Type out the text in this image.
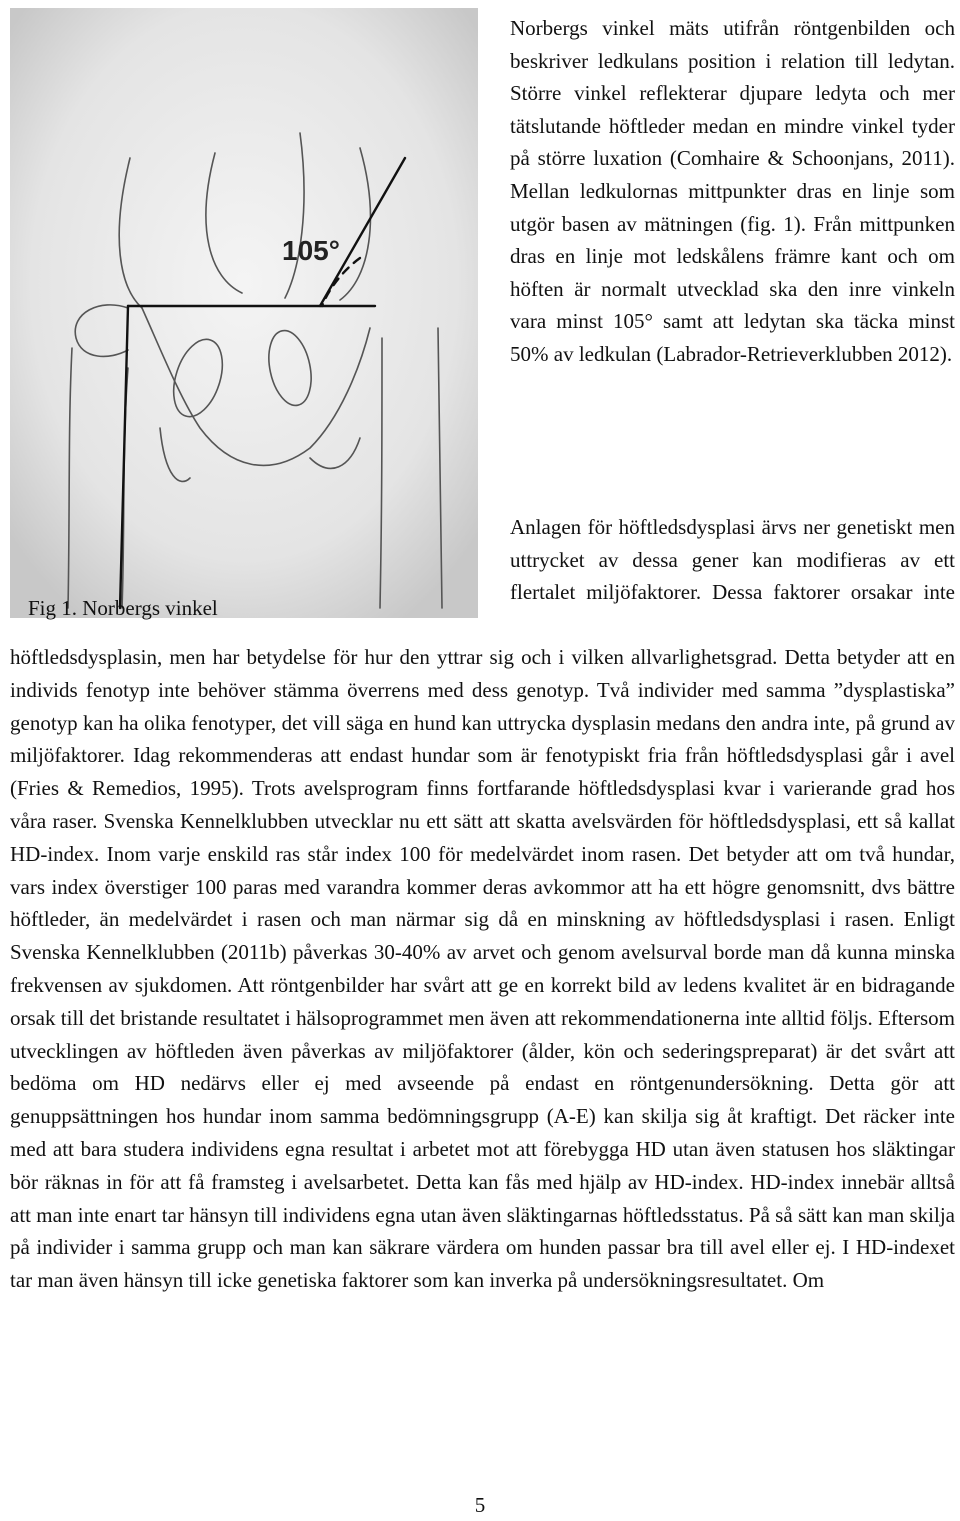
105°
Fig 1. Norbergs vinkel

Norbergs vinkel mäts utifrån röntgenbilden och beskriver ledkulans position i relation till ledytan. Större vinkel reflekterar djupare ledyta och mer tätslutande höftleder medan en mindre vinkel tyder på större luxation (Comhaire & Schoonjans, 2011). Mellan ledkulornas mittpunkter dras en linje som utgör basen av mätningen (fig. 1). Från mittpunken dras en linje mot ledskålens främre kant och om höften är normalt utvecklad ska den inre vinkeln vara minst 105° samt att ledytan ska täcka minst 50% av ledkulan (Labrador-Retrieverklubben 2012).

Anlagen för höftledsdysplasi ärvs ner genetiskt men uttrycket av dessa gener kan modifieras av ett flertalet miljöfaktorer. Dessa faktorer orsakar inte

höftledsdysplasin, men har betydelse för hur den yttrar sig och i vilken allvarlighetsgrad. Detta betyder att en individs fenotyp inte behöver stämma överrens med dess genotyp. Två individer med samma ”dysplastiska” genotyp kan ha olika fenotyper, det vill säga en hund kan uttrycka dysplasin medans den andra inte, på grund av miljöfaktorer. Idag rekommenderas att endast hundar som är fenotypiskt fria från höftledsdysplasi går i avel (Fries & Remedios, 1995). Trots avelsprogram finns fortfarande höftledsdysplasi kvar i varierande grad hos våra raser. Svenska Kennelklubben utvecklar nu ett sätt att skatta avelsvärden för höftledsdysplasi, ett så kallat HD-index. Inom varje enskild ras står index 100 för medelvärdet inom rasen. Det betyder att om två hundar, vars index överstiger 100 paras med varandra kommer deras avkommor att ha ett högre genomsnitt, dvs bättre höftleder, än medelvärdet i rasen och man närmar sig då en minskning av höftledsdysplasi i rasen. Enligt Svenska Kennelklubben (2011b) påverkas 30-40% av arvet och genom avelsurval borde man då kunna minska frekvensen av sjukdomen. Att röntgenbilder har svårt att ge en korrekt bild av ledens kvalitet är en bidragande orsak till det bristande resultatet i hälsoprogrammet men även att rekommendationerna inte alltid följs. Eftersom utvecklingen av höftleden även påverkas av miljöfaktorer (ålder, kön och sederingspreparat) är det svårt att bedöma om HD nedärvs eller ej med avseende på endast en röntgenundersökning. Detta gör att genuppsättningen hos hundar inom samma bedömningsgrupp (A-E) kan skilja sig åt kraftigt. Det räcker inte med att bara studera individens egna resultat i arbetet mot att förebygga HD utan även statusen hos släktingar bör räknas in för att få framsteg i avelsarbetet. Detta kan fås med hjälp av HD-index. HD-index innebär alltså att man inte enart tar hänsyn till individens egna utan även släktingarnas höftledsstatus. På så sätt kan man skilja på individer i samma grupp och man kan säkrare värdera om hunden passar bra till avel eller ej. I HD-indexet tar man även hänsyn till icke genetiska faktorer som kan inverka på undersökningsresultatet. Om

5
